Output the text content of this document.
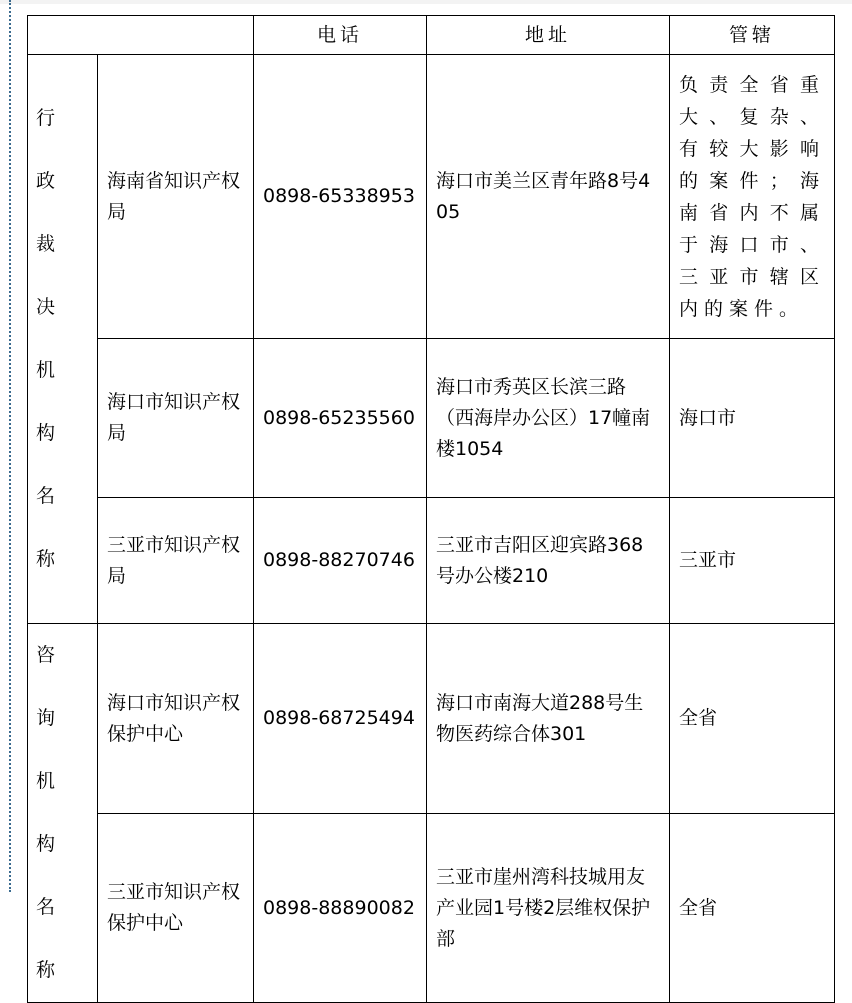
		电话	地址	管辖
行政裁决机构名称	海南省知识产权局	0898-65338953	海口市美兰区青年路8号405	负责全省重大、复杂、有较大影响的案件；海南省内不属于海口市、三亚市辖区内的案件。
	海口市知识产权局	0898-65235560	海口市秀英区长滨三路（西海岸办公区）17幢南楼1054	海口市
	三亚市知识产权局	0898-88270746	三亚市吉阳区迎宾路368号办公楼210	三亚市
咨询机构名称	海口市知识产权保护中心	0898-68725494	海口市南海大道288号生物医药综合体301	全省
	三亚市知识产权保护中心	0898-88890082	三亚市崖州湾科技城用友产业园1号楼2层维权保护部	全省
